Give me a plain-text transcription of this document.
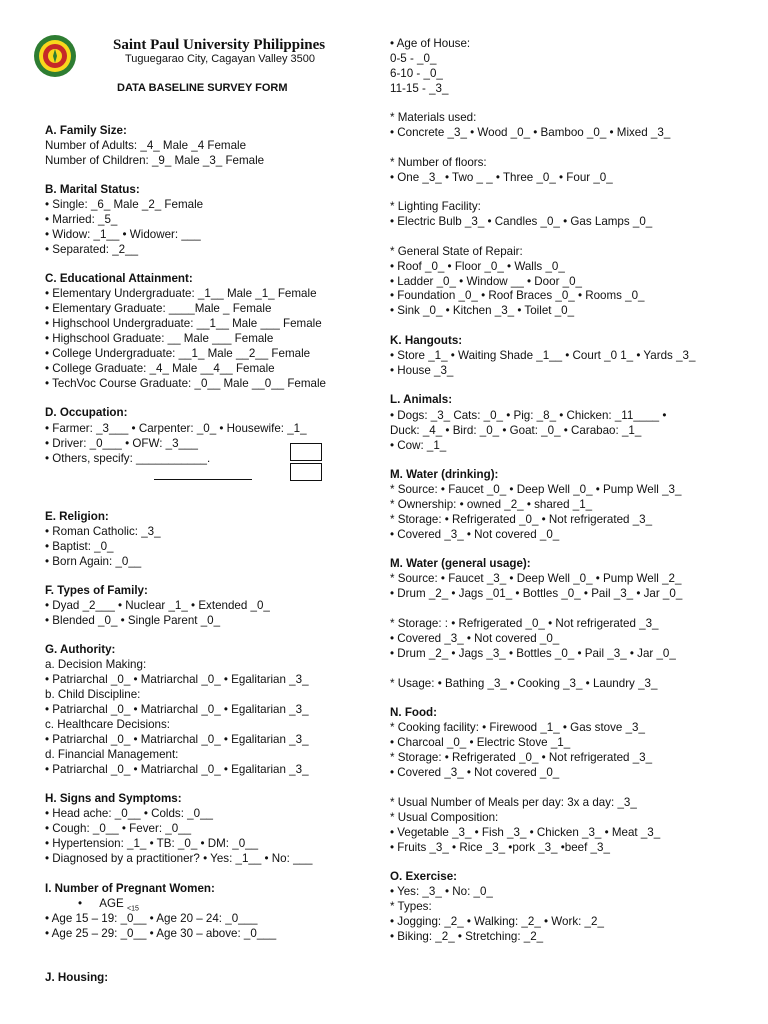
Saint Paul University Philippines
Tuguegarao City, Cagayan Valley 3500
DATA BASELINE SURVEY FORM
A. Family Size:
Number of Adults: _4_ Male _4 Female
Number of Children: _9_ Male _3_ Female
B. Marital Status:
• Single: _6_ Male _2_ Female
• Married: _5_
• Widow: _1__ • Widower: ___
• Separated: _2__
C. Educational Attainment:
• Elementary Undergraduate: _1__ Male _1_ Female
• Elementary Graduate: ____Male _ Female
• Highschool Undergraduate: __1__ Male ___ Female
• Highschool Graduate: __ Male ___ Female
• College Undergraduate: __1_ Male __2__ Female
• College Graduate: _4_ Male __4__ Female
• TechVoc Course Graduate: _0__ Male __0__ Female
D. Occupation:
• Farmer: _3___ • Carpenter: _0_ • Housewife: _1_
• Driver: _0___ • OFW: _3___
• Others, specify: ___________.
E. Religion:
• Roman Catholic: _3_
• Baptist: _0_
• Born Again: _0__
F. Types of Family:
• Dyad _2___ • Nuclear _1_ • Extended _0_
• Blended _0_ • Single Parent _0_
G. Authority:
a. Decision Making:
• Patriarchal _0_ • Matriarchal _0_ • Egalitarian _3_
b. Child Discipline:
• Patriarchal _0_ • Matriarchal _0_ • Egalitarian _3_
c. Healthcare Decisions:
• Patriarchal _0_ • Matriarchal _0_ • Egalitarian _3_
d. Financial Management:
• Patriarchal _0_ • Matriarchal _0_ • Egalitarian _3_
H. Signs and Symptoms:
• Head ache: _0__ • Colds: _0__
• Cough: _0__ • Fever: _0__
• Hypertension: _1_ • TB: _0_ • DM: _0__
• Diagnosed by a practitioner? • Yes: _1__ • No: ___
I. Number of Pregnant Women:
• Age 25 – 29: _0__ • Age 30 – above: _0___
• Age 15 – 19: _0__ • Age 20 – 24: _0___
J. Housing:
• Age of House:
0-5 - _0_
6-10 - _0_
11-15 - _3_
* Materials used:
• Concrete _3_ • Wood _0_ • Bamboo _0_ • Mixed _3_
* Number of floors:
• One _3_ • Two _ _ • Three _0_ • Four _0_
* Lighting Facility:
• Electric Bulb _3_ • Candles _0_ • Gas Lamps _0_
* General State of Repair:
• Roof _0_ • Floor _0_ • Walls _0_
• Ladder _0_ • Window __ • Door _0_
• Foundation _0_ • Roof Braces _0_ • Rooms _0_
• Sink _0_ • Kitchen _3_ • Toilet _0_
K. Hangouts:
• Store _1_ • Waiting Shade _1__ • Court _0 1_ • Yards _3_
• House _3_
L. Animals:
• Dogs: _3_ Cats: _0_ • Pig: _8_ • Chicken: _11____ •
Duck: _4_ • Bird: _0_ • Goat: _0_ • Carabao: _1_
• Cow: _1_
M. Water (drinking):
* Source: • Faucet _0_ • Deep Well _0_ • Pump Well _3_
* Ownership: • owned _2_ • shared _1_
* Storage: • Refrigerated _0_ • Not refrigerated _3_
• Covered _3_ • Not covered _0_
M. Water (general usage):
* Source: • Faucet _3_ • Deep Well _0_ • Pump Well _2_
• Drum _2_ • Jags _01_ • Bottles _0_ • Pail _3_ • Jar _0_
* Storage: : • Refrigerated _0_ • Not refrigerated _3_
• Covered _3_ • Not covered _0_
• Drum _2_ • Jags _3_ • Bottles _0_ • Pail _3_ • Jar _0_
* Usage: • Bathing _3_ • Cooking _3_ • Laundry _3_
N. Food:
* Cooking facility: • Firewood _1_ • Gas stove _3_
• Charcoal _0_ • Electric Stove _1_
* Storage: • Refrigerated _0_ • Not refrigerated _3_
• Covered _3_ • Not covered _0_
* Usual Number of Meals per day: 3x a day: _3_
* Usual Composition:
• Vegetable _3_ • Fish _3_ • Chicken _3_ • Meat _3_
• Fruits _3_ • Rice _3_ •pork _3_ •beef _3_
O. Exercise:
• Yes: _3_ • No: _0_
* Types:
• Jogging: _2_ • Walking: _2_ • Work: _2_
• Biking: _2_ • Stretching: _2_
• AGE $_{<15}$
